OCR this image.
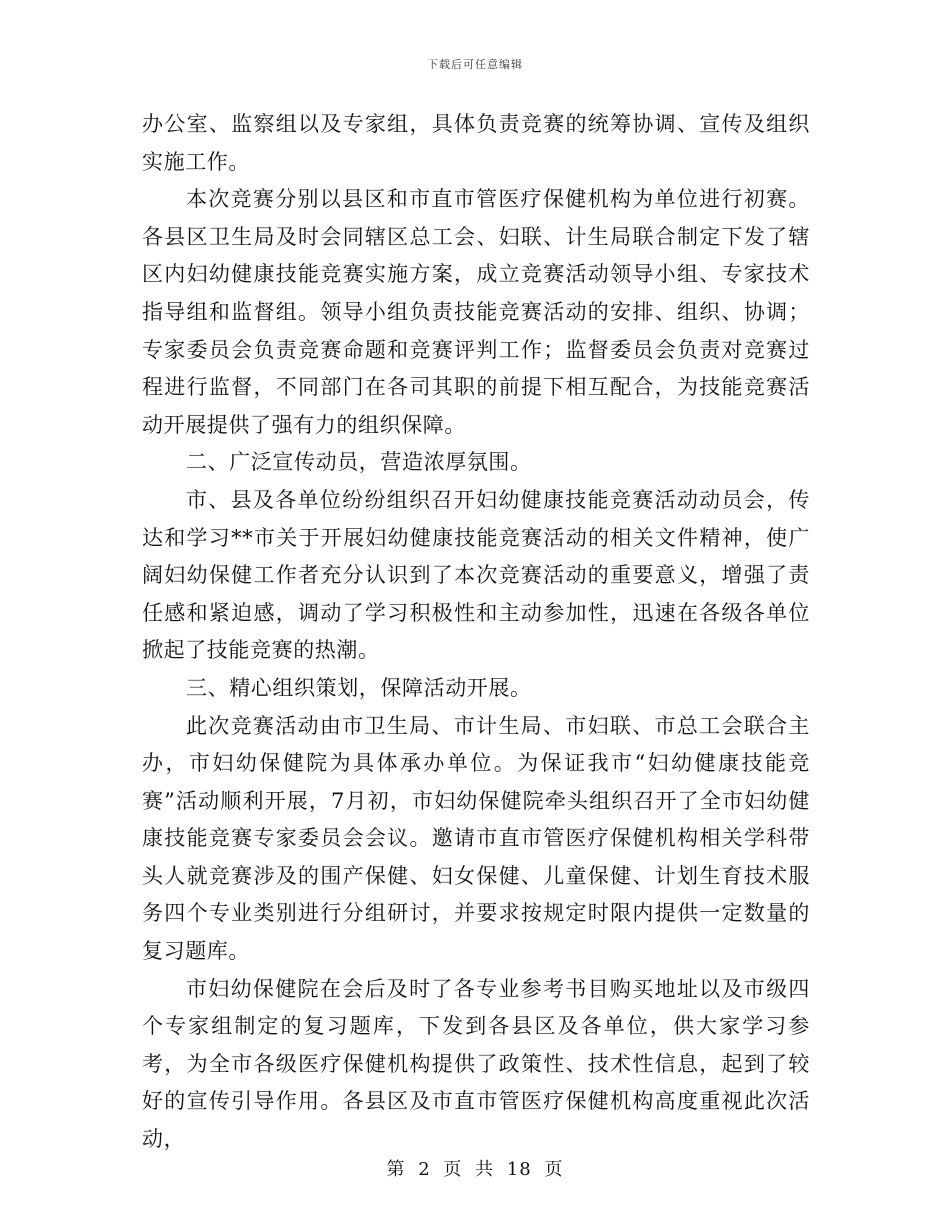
下载后可任意编辑

办公室、监察组以及专家组，具体负责竞赛的统筹协调、宣传及组织实施工作。

本次竞赛分别以县区和市直市管医疗保健机构为单位进行初赛。各县区卫生局及时会同辖区总工会、妇联、计生局联合制定下发了辖区内妇幼健康技能竞赛实施方案，成立竞赛活动领导小组、专家技术指导组和监督组。领导小组负责技能竞赛活动的安排、组织、协调；专家委员会负责竞赛命题和竞赛评判工作；监督委员会负责对竞赛过程进行监督，不同部门在各司其职的前提下相互配合，为技能竞赛活动开展提供了强有力的组织保障。

二、广泛宣传动员，营造浓厚氛围。

市、县及各单位纷纷组织召开妇幼健康技能竞赛活动动员会，传达和学习**市关于开展妇幼健康技能竞赛活动的相关文件精神，使广阔妇幼保健工作者充分认识到了本次竞赛活动的重要意义，增强了责任感和紧迫感，调动了学习积极性和主动参加性，迅速在各级各单位掀起了技能竞赛的热潮。

三、精心组织策划，保障活动开展。

此次竞赛活动由市卫生局、市计生局、市妇联、市总工会联合主办，市妇幼保健院为具体承办单位。为保证我市“妇幼健康技能竞赛”活动顺利开展，7月初，市妇幼保健院牵头组织召开了全市妇幼健康技能竞赛专家委员会会议。邀请市直市管医疗保健机构相关学科带头人就竞赛涉及的围产保健、妇女保健、儿童保健、计划生育技术服务四个专业类别进行分组研讨，并要求按规定时限内提供一定数量的复习题库。

市妇幼保健院在会后及时了各专业参考书目购买地址以及市级四个专家组制定的复习题库，下发到各县区及各单位，供大家学习参考，为全市各级医疗保健机构提供了政策性、技术性信息，起到了较好的宣传引导作用。各县区及市直市管医疗保健机构高度重视此次活动，

第 2 页 共 18 页
